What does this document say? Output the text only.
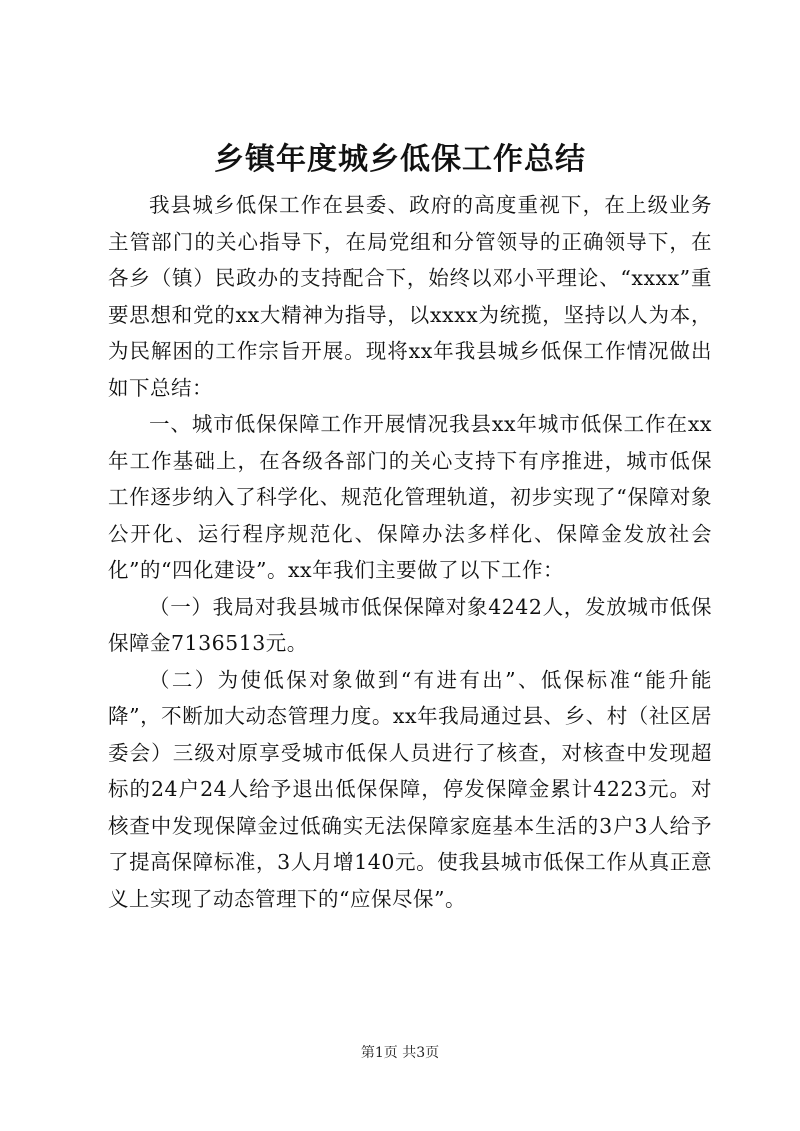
乡镇年度城乡低保工作总结

我县城乡低保工作在县委、政府的高度重视下，在上级业务主管部门的关心指导下，在局党组和分管领导的正确领导下，在各乡（镇）民政办的支持配合下，始终以邓小平理论、“xxxx”重要思想和党的xx大精神为指导，以xxxx为统揽，坚持以人为本，为民解困的工作宗旨开展。现将xx年我县城乡低保工作情况做出如下总结：

一、城市低保保障工作开展情况我县xx年城市低保工作在xx年工作基础上，在各级各部门的关心支持下有序推进，城市低保工作逐步纳入了科学化、规范化管理轨道，初步实现了“保障对象公开化、运行程序规范化、保障办法多样化、保障金发放社会化”的“四化建设”。xx年我们主要做了以下工作：

（一）我局对我县城市低保保障对象4242人，发放城市低保保障金7136513元。

（二）为使低保对象做到“有进有出”、低保标准“能升能降”，不断加大动态管理力度。xx年我局通过县、乡、村（社区居委会）三级对原享受城市低保人员进行了核查，对核查中发现超标的24户24人给予退出低保保障，停发保障金累计4223元。对核查中发现保障金过低确实无法保障家庭基本生活的3户3人给予了提高保障标准，3人月增140元。使我县城市低保工作从真正意义上实现了动态管理下的“应保尽保”。

第1页 共3页
